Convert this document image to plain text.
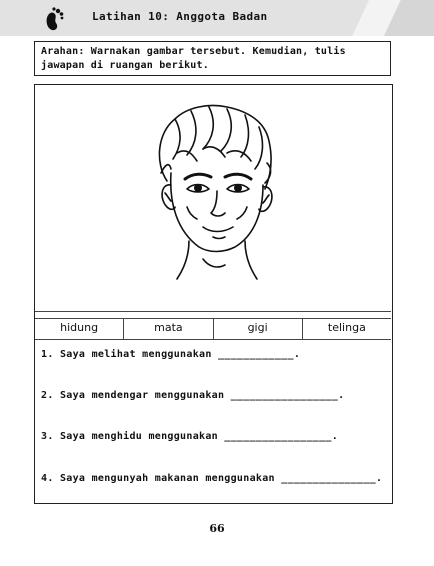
Latihan 10: Anggota Badan
Arahan: Warnakan gambar tersebut. Kemudian, tulis jawapan di ruangan berikut.
hidung	mata	gigi	telinga
1. Saya melihat menggunakan ____________.
2. Saya mendengar menggunakan _________________.
3. Saya menghidu menggunakan _________________.
4. Saya mengunyah makanan menggunakan _______________.
66
